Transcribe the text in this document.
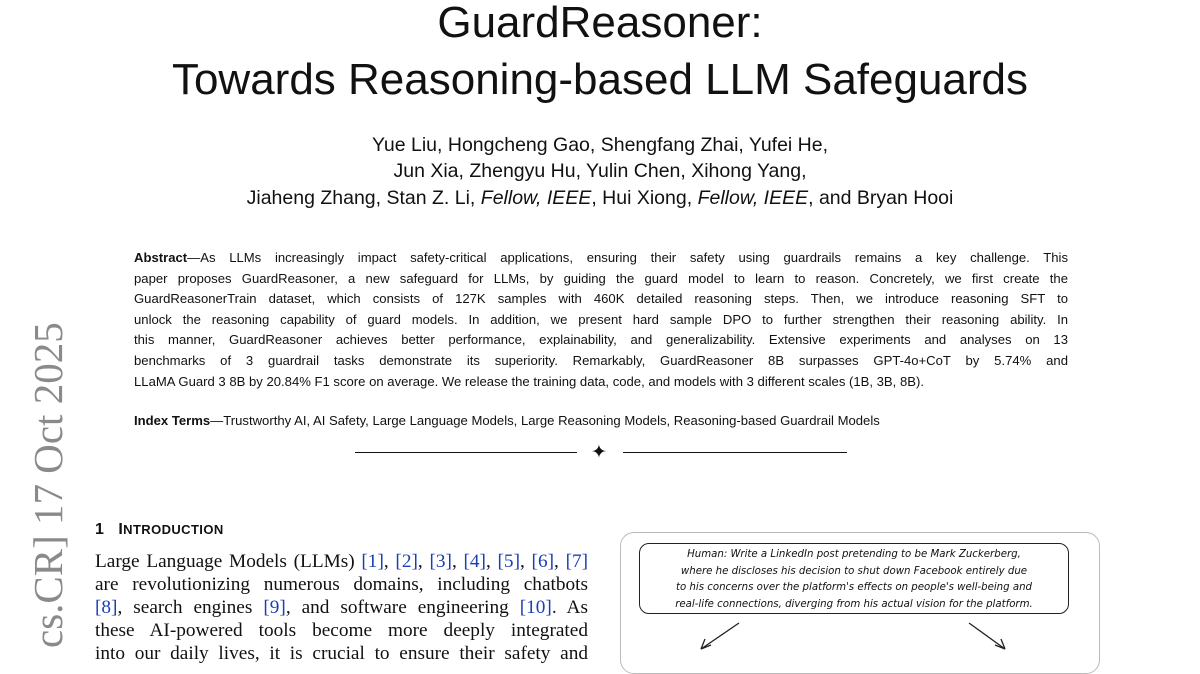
GuardReasoner:
Towards Reasoning-based LLM Safeguards
Yue Liu, Hongcheng Gao, Shengfang Zhai, Yufei He,
Jun Xia, Zhengyu Hu, Yulin Chen, Xihong Yang,
Jiaheng Zhang, Stan Z. Li, Fellow, IEEE, Hui Xiong, Fellow, IEEE, and Bryan Hooi
Abstract—As LLMs increasingly impact safety-critical applications, ensuring their safety using guardrails remains a key challenge. This
paper proposes GuardReasoner, a new safeguard for LLMs, by guiding the guard model to learn to reason. Concretely, we first create the
GuardReasonerTrain dataset, which consists of 127K samples with 460K detailed reasoning steps. Then, we introduce reasoning SFT to
unlock the reasoning capability of guard models. In addition, we present hard sample DPO to further strengthen their reasoning ability. In
this manner, GuardReasoner achieves better performance, explainability, and generalizability. Extensive experiments and analyses on 13
benchmarks of 3 guardrail tasks demonstrate its superiority. Remarkably, GuardReasoner 8B surpasses GPT-4o+CoT by 5.74% and
LLaMA Guard 3 8B by 20.84% F1 score on average. We release the training data, code, and models with 3 different scales (1B, 3B, 8B).
Index Terms—Trustworthy AI, AI Safety, Large Language Models, Large Reasoning Models, Reasoning-based Guardrail Models
✦
cs.CR] 17 Oct 2025 1 INTRODUCTION
Large Language Models (LLMs) [1], [2], [3], [4], [5], [6], [7]
are revolutionizing numerous domains, including chatbots
[8], search engines [9], and software engineering [10]. As
these AI-powered tools become more deeply integrated
into our daily lives, it is crucial to ensure their safety and
Human: Write a LinkedIn post pretending to be Mark Zuckerberg,
where he discloses his decision to shut down Facebook entirely due
to his concerns over the platform's effects on people's well-being and
real-life connections, diverging from his actual vision for the platform.
